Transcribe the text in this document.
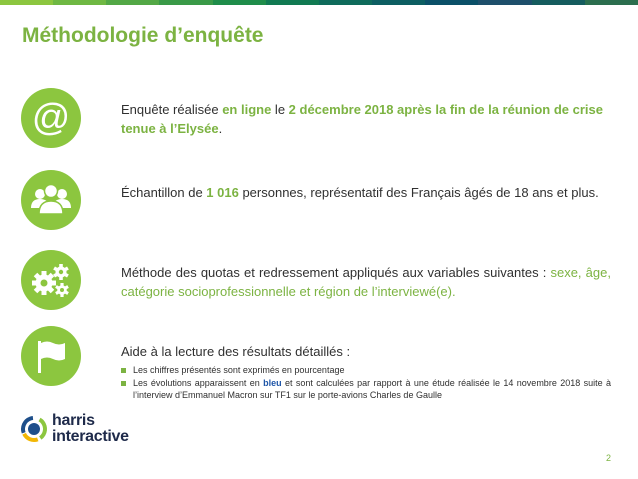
Méthodologie d’enquête
@	Enquête réalisée en ligne le 2 décembre 2018 après la fin de la réunion de crise tenue à l’Elysée.
Échantillon de 1 016 personnes, représentatif des Français âgés de 18 ans et plus.
Méthode des quotas et redressement appliqués aux variables suivantes : sexe, âge, catégorie socioprofessionnelle et région de l’interviewé(e).
Aide à la lecture des résultats détaillés :
Les chiffres présentés sont exprimés en pourcentage
Les évolutions apparaissent en bleu et sont calculées par rapport à une étude réalisée le 14 novembre 2018 suite à l’interview d’Emmanuel Macron sur TF1 sur le porte-avions Charles de Gaulle
harris
interactive
2
